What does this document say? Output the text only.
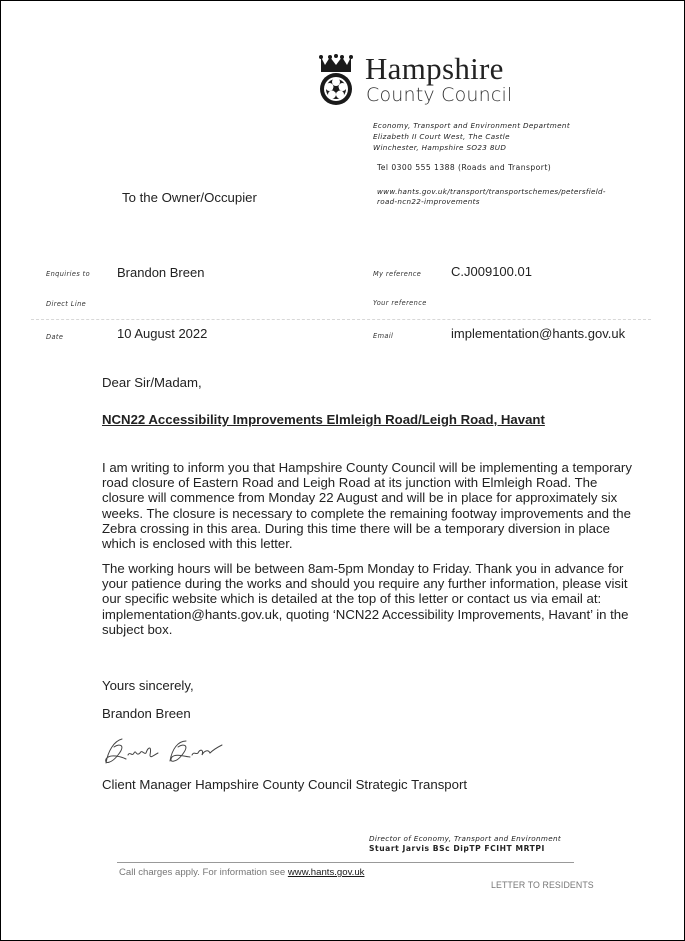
Hampshire
County Council
Economy, Transport and Environment Department
Elizabeth II Court West, The Castle
Winchester, Hampshire SO23 8UD
Tel 0300 555 1388 (Roads and Transport)
www.hants.gov.uk/transport/transportschemes/petersfield-
road-ncn22-improvements
To the Owner/Occupier
Enquiries to Brandon Breen
Direct Line
Date	10 August 2022
My reference C.J009100.01
Your reference
Email	implementation@hants.gov.uk
Dear Sir/Madam,
NCN22 Accessibility Improvements Elmleigh Road/Leigh Road, Havant
I am writing to inform you that Hampshire County Council will be implementing a temporary road closure of Eastern Road and Leigh Road at its junction with Elmleigh Road. The closure will commence from Monday 22 August and will be in place for approximately six weeks. The closure is necessary to complete the remaining footway improvements and the Zebra crossing in this area. During this time there will be a temporary diversion in place which is enclosed with this letter.
The working hours will be between 8am-5pm Monday to Friday. Thank you in advance for your patience during the works and should you require any further information, please visit our specific website which is detailed at the top of this letter or contact us via email at: implementation@hants.gov.uk, quoting ‘NCN22 Accessibility Improvements, Havant’ in the subject box.
Yours sincerely,
Brandon Breen
Client Manager Hampshire County Council Strategic Transport
Director of Economy, Transport and Environment
Stuart Jarvis BSc DipTP FCIHT MRTPI
Call charges apply. For information see www.hants.gov.uk
LETTER TO RESIDENTS
